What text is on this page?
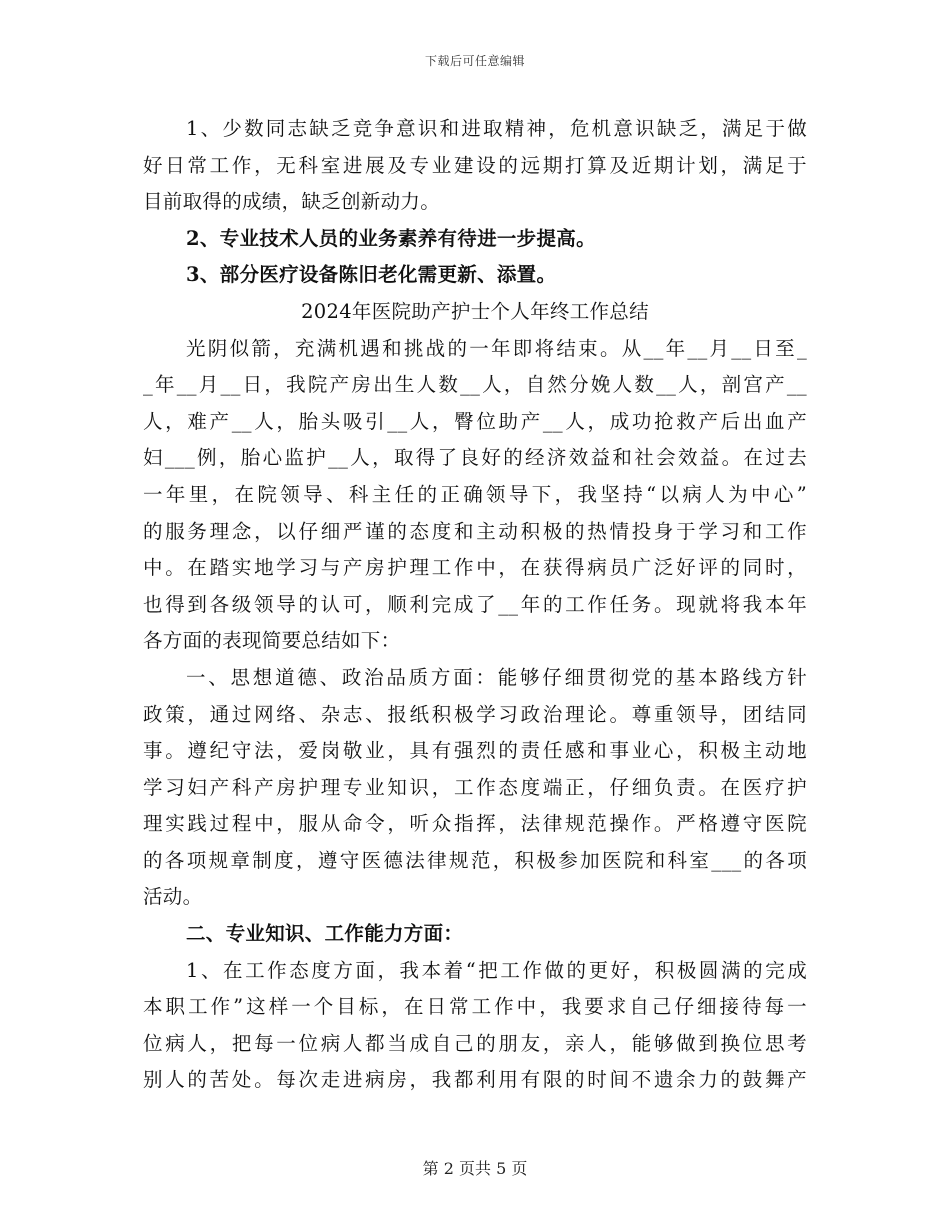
下载后可任意编辑
1、少数同志缺乏竞争意识和进取精神，危机意识缺乏，满足于做
好日常工作，无科室进展及专业建设的远期打算及近期计划，满足于
目前取得的成绩，缺乏创新动力。
2、专业技术人员的业务素养有待进一步提高。
3、部分医疗设备陈旧老化需更新、添置。
2024年医院助产护士个人年终工作总结
光阴似箭，充满机遇和挑战的一年即将结束。从__年__月__日至_
_年__月__日，我院产房出生人数__人，自然分娩人数__人，剖宫产__
人，难产__人，胎头吸引__人，臀位助产__人，成功抢救产后出血产
妇___例，胎心监护__人，取得了良好的经济效益和社会效益。在过去
一年里，在院领导、科主任的正确领导下，我坚持“以病人为中心”
的服务理念，以仔细严谨的态度和主动积极的热情投身于学习和工作
中。在踏实地学习与产房护理工作中，在获得病员广泛好评的同时，
也得到各级领导的认可，顺利完成了__年的工作任务。现就将我本年
各方面的表现简要总结如下：
一、思想道德、政治品质方面：能够仔细贯彻党的基本路线方针
政策，通过网络、杂志、报纸积极学习政治理论。尊重领导，团结同
事。遵纪守法，爱岗敬业，具有强烈的责任感和事业心，积极主动地
学习妇产科产房护理专业知识，工作态度端正，仔细负责。在医疗护
理实践过程中，服从命令，听众指挥，法律规范操作。严格遵守医院
的各项规章制度，遵守医德法律规范，积极参加医院和科室___的各项
活动。
二、专业知识、工作能力方面：
1、在工作态度方面，我本着“把工作做的更好，积极圆满的完成
本职工作”这样一个目标，在日常工作中，我要求自己仔细接待每一
位病人，把每一位病人都当成自己的朋友，亲人，能够做到换位思考
别人的苦处。每次走进病房，我都利用有限的时间不遗余力的鼓舞产
第 2 页共 5 页
